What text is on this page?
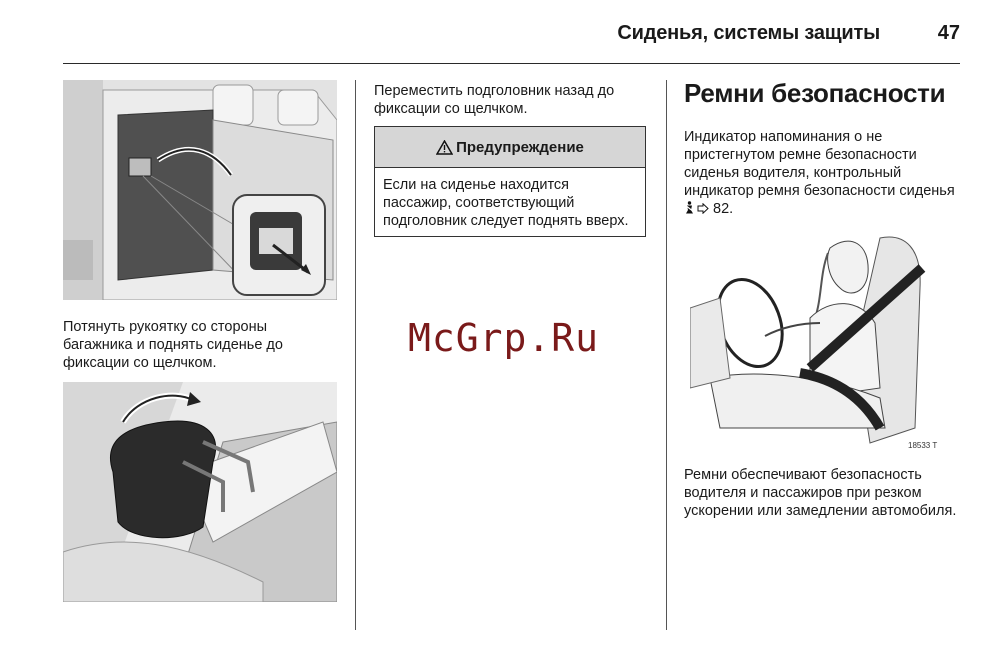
Сиденья, системы защиты	47

Потянуть рукоятку со стороны багажника и поднять сиденье до фиксации со щелчком.

Переместить подголовник назад до фиксации со щелчком.

Предупреждение
Если на сиденье находится пассажир, соответствующий подголовник следует поднять вверх.
McGrp.Ru
Ремни безопасности

Индикатор напоминания о не пристегнутом ремне безопасности сиденья водителя, контрольный индикатор ремня безопасности сиденья  82.

18533 T

Ремни обеспечивают безопасность водителя и пассажиров при резком ускорении или замедлении автомобиля.
